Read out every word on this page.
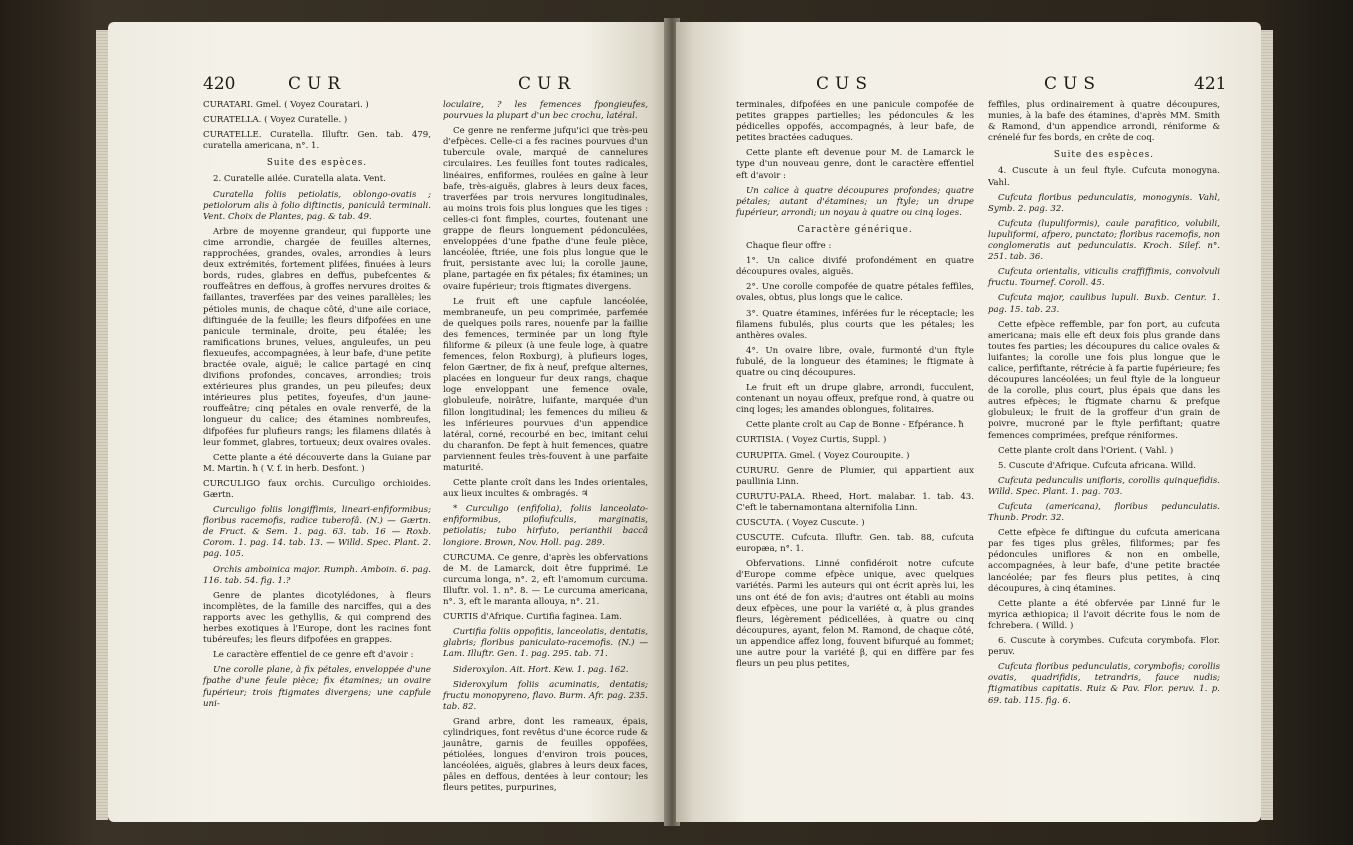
420	CUR	CUR

CURATARI. Gmel. ( Voyez Couratari. )

CURATELLA. ( Voyez Curatelle. )

CURATELLE. Curatella. Illuftr. Gen. tab. 479, curatella americana, n°. 1.

Suite des espèces.

2. Curatelle ailée. Curatella alata. Vent.

Curatella foliis petiolatis, oblongo-ovatis ; petiolorum alis à folio diftinctis, paniculâ terminali. Vent. Choix de Plantes, pag. & tab. 49.

Arbre de moyenne grandeur, qui fupporte une cime arrondie, chargée de feuilles alternes, rapprochées, grandes, ovales, arrondies à leurs deux extrémités, fortement plifées, finuées à leurs bords, rudes, glabres en deffus, pubefcentes & rouffeâtres en deffous, à groffes nervures droites & faillantes, traverfées par des veines parallèles; les pétioles munis, de chaque côté, d'une aile coriace, diftinguée de la feuille; les fleurs difpofées en une panicule terminale, droite, peu étalée; les ramifications brunes, velues, anguleufes, un peu flexueufes, accompagnées, à leur bafe, d'une petite bractée ovale, aiguë; le calice partagé en cinq divifions profondes, concaves, arrondies; trois extérieures plus grandes, un peu pileufes; deux intérieures plus petites, foyeufes, d'un jaune-rouffeâtre; cinq pétales en ovale renverfé, de la longueur du calice; des étamines nombreufes, difpofées fur plufieurs rangs; les filamens dilatés à leur fommet, glabres, tortueux; deux ovaires ovales.

Cette plante a été découverte dans la Guiane par M. Martin. ħ ( V. f. in herb. Desfont. )

CURCULIGO faux orchis. Curculigo orchioides. Gærtn.

Curculigo foliis longiffimis, lineari-enfiformibus; floribus racemofis, radice tuberofâ. (N.) — Gærtn. de Fruct. & Sem. 1. pag. 63. tab. 16 — Roxb. Corom. 1. pag. 14. tab. 13. — Willd. Spec. Plant. 2. pag. 105.

Orchis amboinica major. Rumph. Amboin. 6. pag. 116. tab. 54. fig. 1.?

Genre de plantes dicotylédones, à fleurs incomplètes, de la famille des narciffes, qui a des rapports avec les gethyllis, & qui comprend des herbes exotiques à l'Europe, dont les racines font tubéreufes; les fleurs difpofées en grappes.

Le caractère effentiel de ce genre eft d'avoir :

Une corolle plane, à fix pétales, enveloppée d'une fpathe d'une feule pièce; fix étamines; un ovaire fupérieur; trois ftigmates divergens; une capfule uni-

loculaire, ? les femences fpongieufes, pourvues la plupart d'un bec crochu, latéral.

Ce genre ne renferme jufqu'ici que très-peu d'efpèces. Celle-ci a fes racines pourvues d'un tubercule ovale, marqué de cannelures circulaires. Les feuilles font toutes radicales, linéaires, enfiformes, roulées en gaîne à leur bafe, très-aiguës, glabres à leurs deux faces, traverfées par trois nervures longitudinales, au moins trois fois plus longues que les tiges : celles-ci font fimples, courtes, foutenant une grappe de fleurs longuement pédonculées, enveloppées d'une fpathe d'une feule pièce, lancéolée, ftriée, une fois plus longue que le fruit, persistante avec lui; la corolle jaune, plane, partagée en fix pétales; fix étamines; un ovaire fupérieur; trois ftigmates divergens.

Le fruit eft une capfule lancéolée, membraneufe, un peu comprimée, parfemée de quelques poils rares, nouenfe par la faillie des femences, terminée par un long ftyle filiforme & pileux (à une feule loge, à quatre femences, felon Roxburg), à plufieurs loges, felon Gærtner, de fix à neuf, prefque alternes, placées en longueur fur deux rangs, chaque loge enveloppant une femence ovale, globuleufe, noirâtre, luifante, marquée d'un fillon longitudinal; les femences du milieu & les inférieures pourvues d'un appendice latéral, corné, recourbé en bec, imitant celui du charanfon. De fept à huit femences, quatre parviennent feules très-fouvent à une parfaite maturité.

Cette plante croît dans les Indes orientales, aux lieux incultes & ombragés. ♃

* Curculigo (enfifolia), foliis lanceolato-enfiformibus, pilofiufculis, marginatis, petiolatis; tubo hirfuto, perianthii baccâ longiore. Brown, Nov. Holl. pag. 289.

CURCUMA. Ce genre, d'après les obfervations de M. de Lamarck, doit être fupprimé. Le curcuma longa, n°. 2, eft l'amomum curcuma. Illuftr. vol. 1. n°. 8. — Le curcuma americana, n°. 3, eft le maranta allouya, n°. 21.

CURTIS d'Afrique. Curtifia faginea. Lam.

Curtifia foliis oppofitis, lanceolatis, dentatis, glabris; floribus paniculato-racemofis. (N.) — Lam. Illuftr. Gen. 1. pag. 295. tab. 71.

Sideroxylon. Ait. Hort. Kew. 1. pag. 162.

Sideroxylum foliis acuminatis, dentatis; fructu monopyreno, flavo. Burm. Afr. pag. 235. tab. 82.

Grand arbre, dont les rameaux, épais, cylindriques, font revêtus d'une écorce rude & jaunâtre, garnis de feuilles oppofées, pétiolées, longues d'environ trois pouces, lancéolées, aiguës, glabres à leurs deux faces, pâles en deffous, dentées à leur contour; les fleurs petites, purpurines,

CUS	CUS	421

terminales, difpofées en une panicule compofée de petites grappes partielles; les pédoncules & les pédicelles oppofés, accompagnés, à leur bafe, de petites bractées caduques.

Cette plante eft devenue pour M. de Lamarck le type d'un nouveau genre, dont le caractère effentiel eft d'avoir :

Un calice à quatre découpures profondes; quatre pétales; autant d'étamines; un ftyle; un drupe fupérieur, arrondi; un noyau à quatre ou cinq loges.

Caractère générique.

Chaque fleur offre :

1°. Un calice divifé profondément en quatre découpures ovales, aiguës.

2°. Une corolle compofée de quatre pétales feffiles, ovales, obtus, plus longs que le calice.

3°. Quatre étamines, inférées fur le réceptacle; les filamens fubulés, plus courts que les pétales; les anthères ovales.

4°. Un ovaire libre, ovale, furmonté d'un ftyle fubulé, de la longueur des étamines; le ftigmate à quatre ou cinq découpures.

Le fruit eft un drupe glabre, arrondi, fucculent, contenant un noyau offeux, prefque rond, à quatre ou cinq loges; les amandes oblongues, folitaires.

Cette plante croît au Cap de Bonne - Efpérance. ħ

CURTISIA. ( Voyez Curtis, Suppl. )

CURUPITA. Gmel. ( Voyez Couroupite. )

CURURU. Genre de Plumier, qui appartient aux paullinia Linn.

CURUTU-PALA. Rheed, Hort. malabar. 1. tab. 43. C'eft le tabernamontana alternifolia Linn.

CUSCUTA. ( Voyez Cuscute. )

CUSCUTE. Cufcuta. Illuftr. Gen. tab. 88, cufcuta europæa, n°. 1.

Obfervations. Linné confidéroit notre cufcute d'Europe comme efpèce unique, avec quelques variétés. Parmi les auteurs qui ont écrit après lui, les uns ont été de fon avis; d'autres ont établi au moins deux efpèces, une pour la variété α, à plus grandes fleurs, légèrement pédicellées, à quatre ou cinq découpures, ayant, felon M. Ramond, de chaque côté, un appendice affez long, fouvent bifurqué au fommet; une autre pour la variété β, qui en diffère par fes fleurs un peu plus petites,

feffiles, plus ordinairement à quatre découpures, munies, à la bafe des étamines, d'après MM. Smith & Ramond, d'un appendice arrondi, réniforme & crénelé fur fes bords, en crête de coq.

Suite des espèces.

4. Cuscute à un feul ftyle. Cufcuta monogyna. Vahl.

Cufcuta floribus pedunculatis, monogynis. Vahl, Symb. 2. pag. 32.

Cufcuta (lupuliformis), caule parafitico, volubili, lupuliformi, afpero, punctato; floribus racemofis, non conglomeratis aut pedunculatis. Kroch. Silef. n°. 251. tab. 36.

Cufcuta orientalis, viticulis craffiffimis, convolvuli fructu. Tournef. Coroll. 45.

Cufcuta major, caulibus lupuli. Buxb. Centur. 1. pag. 15. tab. 23.

Cette efpèce reffemble, par fon port, au cufcuta americana; mais elle eft deux fois plus grande dans toutes fes parties; les découpures du calice ovales & luifantes; la corolle une fois plus longue que le calice, perfiftante, rétrécie à fa partie fupérieure; fes découpures lancéolées; un feul ftyle de la longueur de la corolle, plus court, plus épais que dans les autres efpèces; le ftigmate charnu & prefque globuleux; le fruit de la groffeur d'un grain de poivre, mucroné par le ftyle perfiftant; quatre femences comprimées, prefque réniformes.

Cette plante croît dans l'Orient. ( Vahl. )

5. Cuscute d'Afrique. Cufcuta africana. Willd.

Cufcuta pedunculis unifloris, corollis quinquefidis. Willd. Spec. Plant. 1. pag. 703.

Cufcuta (americana), floribus pedunculatis. Thunb. Prodr. 32.

Cette efpèce fe diftingue du cufcuta americana par fes tiges plus grêles, filiformes; par fes pédoncules uniflores & non en ombelle, accompagnées, à leur bafe, d'une petite bractée lancéolée; par fes fleurs plus petites, à cinq découpures, à cinq étamines.

Cette plante a été obfervée par Linné fur le myrica æthiopica; il l'avoit décrite fous le nom de fchrebera. ( Willd. )

6. Cuscute à corymbes. Cufcuta corymbofa. Flor. peruv.

Cufcuta floribus pedunculatis, corymbofis; corollis ovatis, quadrifidis, tetrandris, fauce nudis; ftigmatibus capitatis. Ruiz & Pav. Flor. peruv. 1. p. 69. tab. 115. fig. 6.
